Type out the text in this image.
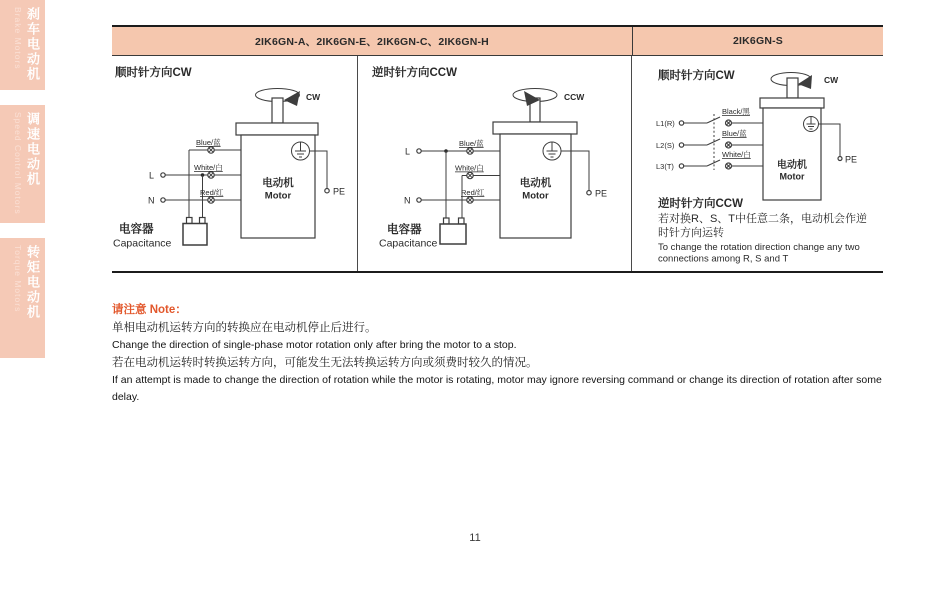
刹车电动机
Brake Motors
调速电动机
Speed Control Motors
转矩电动机
Torque Motors
2IK6GN-A、2IK6GN-E、2IK6GN-C、2IK6GN-H	2IK6GN-S
顺时针方向CW
CW
PE
Blue/蓝
White/白
Red/红
L
N
电容器
Capacitance
电动机
Motor
逆时针方向CCW
CCW
PE
Blue/蓝
White/白
Red/红
L
N
电容器
Capacitance
电动机
Motor
顺时针方向CW	CW
PE
L1(R)
L2(S)
L3(T)
Black/黑
Blue/蓝
White/白
电动机
Motor
逆时针方向CCW
若对换R、S、T中任意二条，电动机会作逆
时针方向运转
To change the rotation direction change any two
connections among R, S and T
请注意 Note：
单相电动机运转方向的转换应在电动机停止后进行。
Change the direction of single-phase motor rotation only after bring the motor to a stop.
若在电动机运转时转换运转方向，可能发生无法转换运转方向或须费时较久的情况。
If an attempt is made to change the direction of rotation while the motor is rotating, motor may ignore reversing command or change its direction of rotation after some delay.
11
